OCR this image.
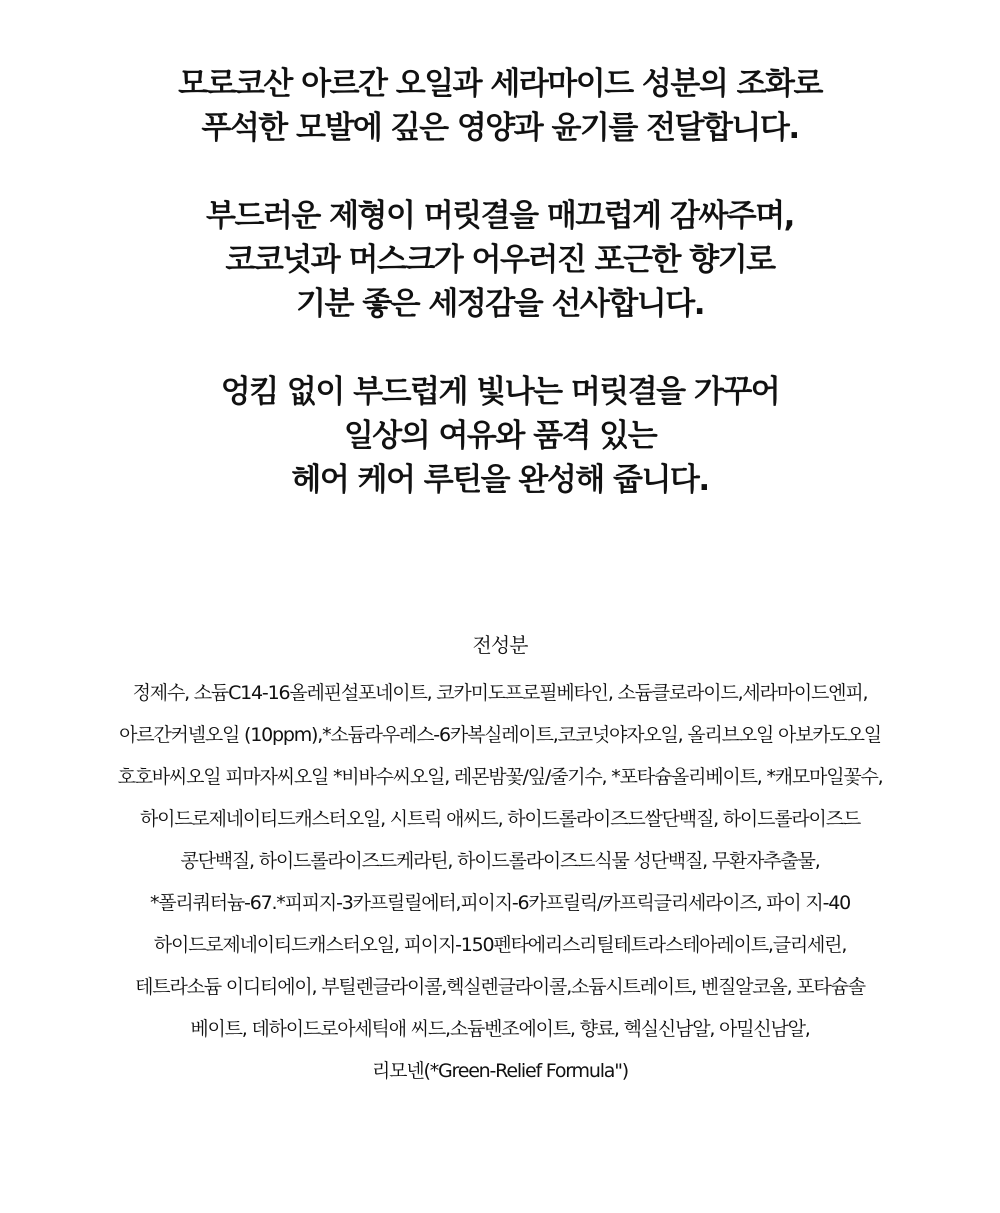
모로코산 아르간 오일과 세라마이드 성분의 조화로
푸석한 모발에 깊은 영양과 윤기를 전달합니다.
부드러운 제형이 머릿결을 매끄럽게 감싸주며,
코코넛과 머스크가 어우러진 포근한 향기로
기분 좋은 세정감을 선사합니다.
엉킴 없이 부드럽게 빛나는 머릿결을 가꾸어
일상의 여유와 품격 있는
헤어 케어 루틴을 완성해 줍니다.
전성분
정제수, 소듐C14-16올레핀설포네이트, 코카미도프로필베타인, 소듐클로라이드,세라마이드엔피,
아르간커넬오일 (10ppm),*소듐라우레스-6카복실레이트,코코넛야자오일, 올리브오일 아보카도오일
호호바씨오일 피마자씨오일 *비바수씨오일, 레몬밤꽃/잎/줄기수, *포타슘올리베이트, *캐모마일꽃수,
하이드로제네이티드캐스터오일, 시트릭 애씨드, 하이드롤라이즈드쌀단백질, 하이드롤라이즈드
콩단백질, 하이드롤라이즈드케라틴, 하이드롤라이즈드식물 성단백질, 무환자추출물,
*폴리쿼터늄-67.*피피지-3카프릴릴에터,피이지-6카프릴릭/카프릭글리세라이즈, 파이 지-40
하이드로제네이티드캐스터오일, 피이지-150펜타에리스리틸테트라스테아레이트,글리세린,
테트라소듐 이디티에이, 부틸렌글라이콜,헥실렌글라이콜,소듐시트레이트, 벤질알코올, 포타슘솔
베이트, 데하이드로아세틱애 씨드,소듐벤조에이트, 향료, 헥실신남알, 아밀신남알,
리모넨(*Green-Relief Formula")
